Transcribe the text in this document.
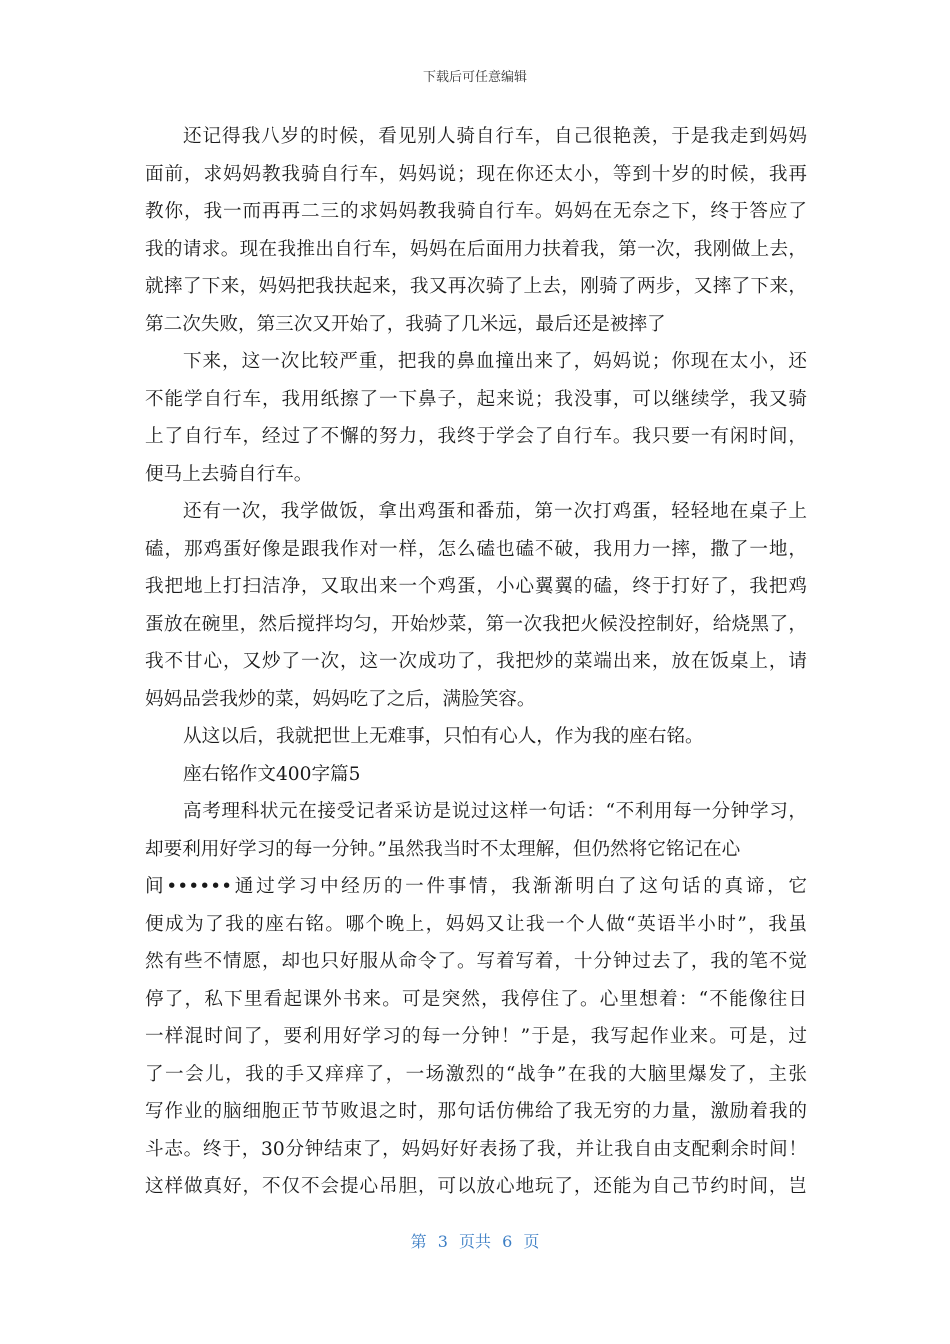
下载后可任意编辑
还记得我八岁的时候，看见别人骑自行车，自己很艳羡，于是我走到妈妈
面前，求妈妈教我骑自行车，妈妈说；现在你还太小，等到十岁的时候，我再
教你，我一而再再二三的求妈妈教我骑自行车。妈妈在无奈之下，终于答应了
我的请求。现在我推出自行车，妈妈在后面用力扶着我，第一次，我刚做上去，
就摔了下来，妈妈把我扶起来，我又再次骑了上去，刚骑了两步，又摔了下来，
第二次失败，第三次又开始了，我骑了几米远，最后还是被摔了
下来，这一次比较严重，把我的鼻血撞出来了，妈妈说；你现在太小，还
不能学自行车，我用纸擦了一下鼻子，起来说；我没事，可以继续学，我又骑
上了自行车，经过了不懈的努力，我终于学会了自行车。我只要一有闲时间，
便马上去骑自行车。
还有一次，我学做饭，拿出鸡蛋和番茄，第一次打鸡蛋，轻轻地在桌子上
磕，那鸡蛋好像是跟我作对一样，怎么磕也磕不破，我用力一摔，撒了一地，
我把地上打扫洁净，又取出来一个鸡蛋，小心翼翼的磕，终于打好了，我把鸡
蛋放在碗里，然后搅拌均匀，开始炒菜，第一次我把火候没控制好，给烧黑了，
我不甘心，又炒了一次，这一次成功了，我把炒的菜端出来，放在饭桌上，请
妈妈品尝我炒的菜，妈妈吃了之后，满脸笑容。
从这以后，我就把世上无难事，只怕有心人，作为我的座右铭。
座右铭作文400字篇5
高考理科状元在接受记者采访是说过这样一句话：“不利用每一分钟学习，
却要利用好学习的每一分钟。”虽然我当时不太理解，但仍然将它铭记在心
间••••••通过学习中经历的一件事情，我渐渐明白了这句话的真谛，它
便成为了我的座右铭。哪个晚上，妈妈又让我一个人做“英语半小时”，我虽
然有些不情愿，却也只好服从命令了。写着写着，十分钟过去了，我的笔不觉
停了，私下里看起课外书来。可是突然，我停住了。心里想着：“不能像往日
一样混时间了，要利用好学习的每一分钟！”于是，我写起作业来。可是，过
了一会儿，我的手又痒痒了，一场激烈的“战争”在我的大脑里爆发了，主张
写作业的脑细胞正节节败退之时，那句话仿佛给了我无穷的力量，激励着我的
斗志。终于，30分钟结束了，妈妈好好表扬了我，并让我自由支配剩余时间！
这样做真好，不仅不会提心吊胆，可以放心地玩了，还能为自己节约时间，岂
第 3 页共 6 页
